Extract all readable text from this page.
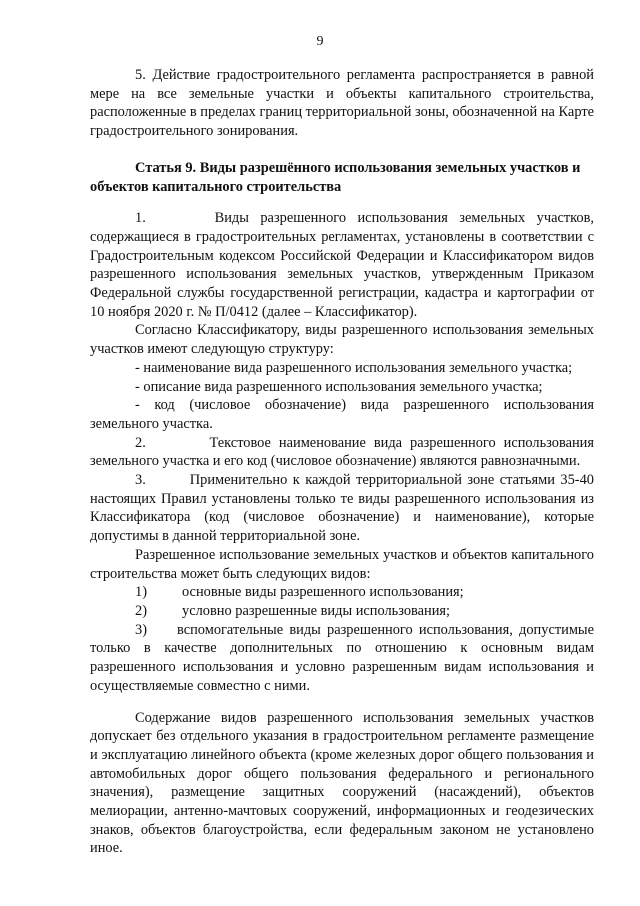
9

5. Действие градостроительного регламента распространяется в равной мере на все земельные участки и объекты капитального строительства, расположенные в пределах границ территориальной зоны, обозначенной на Карте градостроительного зонирования.

Статья 9. Виды разрешённого использования земельных участков и объектов капитального строительства

1.      Виды разрешенного использования земельных участков, содержащиеся в градостроительных регламентах, установлены в соответствии с Градостроительным кодексом Российской Федерации и Классификатором видов разрешенного использования земельных участков, утвержденным Приказом Федеральной службы государственной регистрации, кадастра и картографии от 10 ноября 2020 г. № П/0412 (далее – Классификатор).

Согласно Классификатору, виды разрешенного использования земельных участков имеют следующую структуру:

- наименование вида разрешенного использования земельного участка;

- описание вида разрешенного использования земельного участка;

- код (числовое обозначение) вида разрешенного использования земельного участка.

2.        Текстовое наименование вида разрешенного использования земельного участка и его код (числовое обозначение) являются равнозначными.

3.        Применительно к каждой территориальной зоне статьями 35-40 настоящих Правил установлены только те виды разрешенного использования из Классификатора (код (числовое обозначение) и наименование), которые допустимы в данной территориальной зоне.

Разрешенное использование земельных участков и объектов капитального строительства может быть следующих видов:

1)	основные виды разрешенного использования;
2)	условно разрешенные виды использования;

3) вспомогательные виды разрешенного использования, допустимые только в качестве дополнительных по отношению к основным видам разрешенного использования и условно разрешенным видам использования и осуществляемые совместно с ними.

Содержание видов разрешенного использования земельных участков допускает без отдельного указания в градостроительном регламенте размещение и эксплуатацию линейного объекта (кроме железных дорог общего пользования и автомобильных дорог общего пользования федерального и регионального значения), размещение защитных сооружений (насаждений), объектов мелиорации, антенно-мачтовых сооружений, информационных и геодезических знаков, объектов благоустройства, если федеральным законом не установлено иное.
